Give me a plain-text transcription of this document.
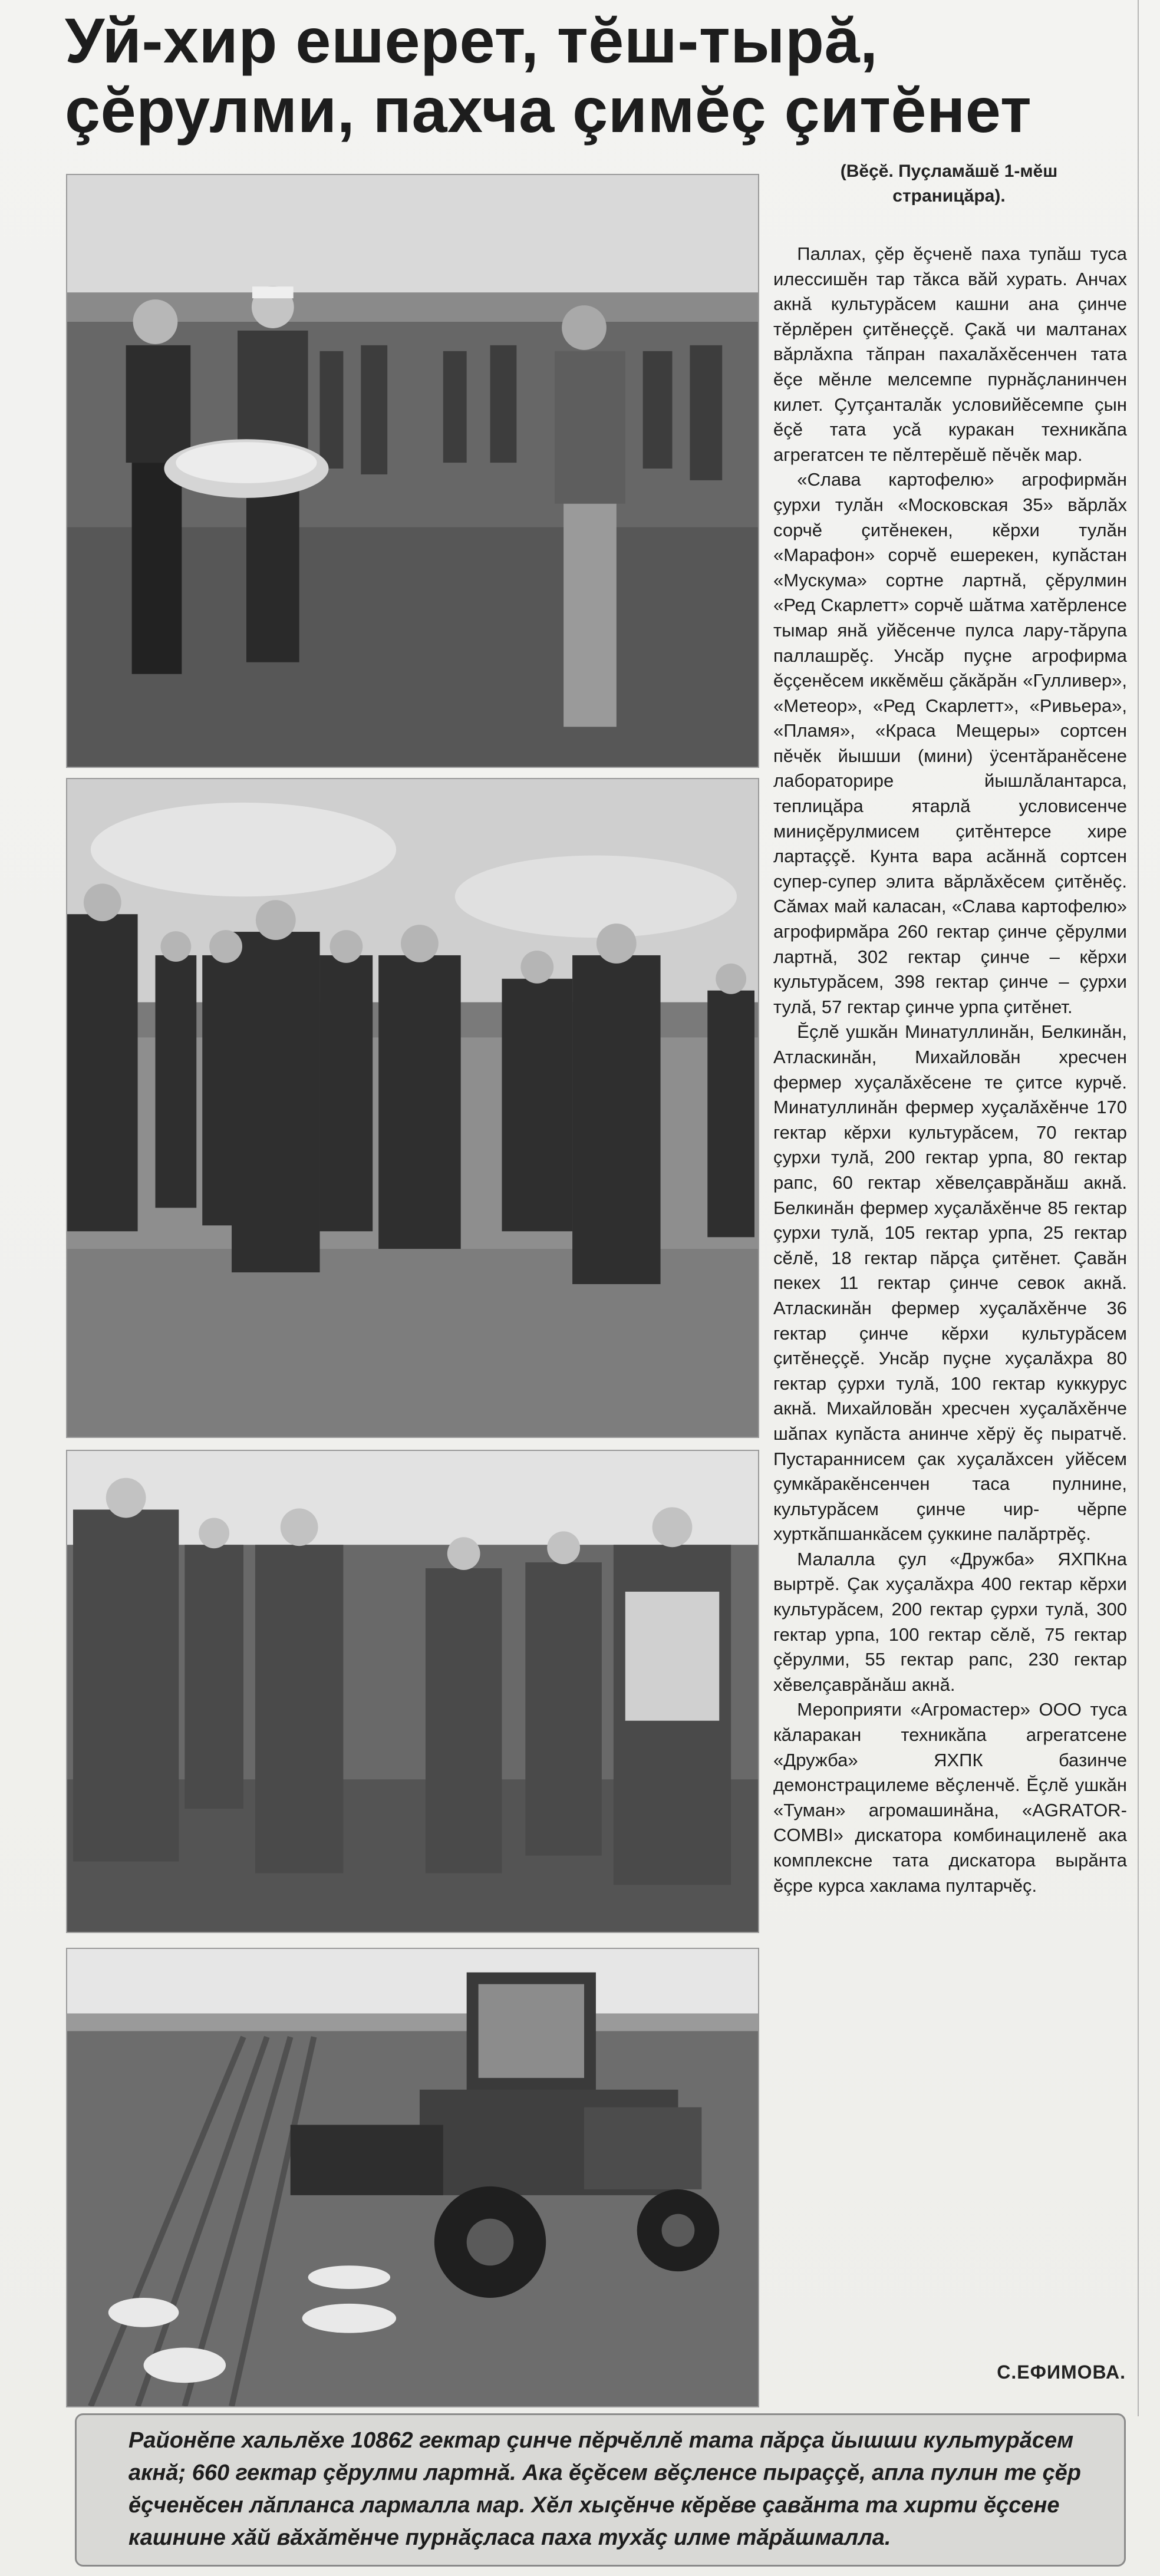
Уй-хир ешерет, тĕш-тырă,
çĕрулми, пахча çимĕç çитĕнет
(Вĕçĕ. Пуçламăшĕ 1-мĕш
страницăра).

Паллах, çĕр ĕçченĕ паха тупăш туса илессишĕн тар тăкса вăй хурать. Анчах акнă культурăсем кашни ана çинче тĕрлĕрен çитĕнеççĕ. Çакă чи малтанах вăрлăхпа тăпран пахалăхĕсенчен тата ĕçе мĕнле мелсемпе пурнăçланинчен килет. Çутçанталăк условийĕсемпе çын ĕçĕ тата усă куракан техникăпа агрегатсен те пĕлтерĕшĕ пĕчĕк мар.

«Слава картофелю» агрофирмăн çурхи тулăн «Московская 35» вăрлăх сорчĕ çитĕнекен, кĕрхи тулăн «Марафон» сорчĕ ешерекен, купăстан «Мускума» сортне лартнă, çĕрулмин «Ред Скарлетт» сорчĕ шăтма хатĕрленсе тымар янă уйĕсенче пулса лару-тăрупа паллашрĕç. Унсăр пуçне агрофирма ĕççенĕсем иккĕмĕш çăкăрăн «Гулливер», «Метеор», «Ред Скарлетт», «Ривьера», «Пламя», «Краса Мещеры» сортсен пĕчĕк йышши (мини) ÿсентăранĕсене лабораторире йышлăлантарса, теплицăра ятарлă условисенче миниçĕрулмисем çитĕнтерсе хире лартаççĕ. Кунта вара асăннă сортсен супер-супер элита вăрлăхĕсем çитĕнĕç. Сăмах май каласан, «Слава картофелю» агрофирмăра 260 гектар çинче çĕрулми лартнă, 302 гектар çинче – кĕрхи культурăсем, 398 гектар çинче – çурхи тулă, 57 гектар çинче урпа çитĕнет.

Ĕçлĕ ушкăн Минатуллинăн, Белкинăн, Атласкинăн, Михайловăн хресчен фермер хуçалăхĕсене те çитсе курчĕ. Минатуллинăн фермер хуçалăхĕнче 170 гектар кĕрхи культурăсем, 70 гектар çурхи тулă, 200 гектар урпа, 80 гектар рапс, 60 гектар хĕвелçаврăнăш акнă. Белкинăн фермер хуçалăхĕнче 85 гектар çурхи тулă, 105 гектар урпа, 25 гектар сĕлĕ, 18 гектар пăрçа çитĕнет. Çавăн пекех 11 гектар çинче севок акнă. Атласкинăн фермер хуçалăхĕнче 36 гектар çинче кĕрхи культурăсем çитĕнеççĕ. Унсăр пуçне хуçалăхра 80 гектар çурхи тулă, 100 гектар куккурус акнă. Михайловăн хресчен хуçалăхĕнче шăпах купăста анинче хĕрÿ ĕç пыратчĕ. Пустараннисем çак хуçалăхсен уйĕсем çумкăракĕнсенчен таса пулнине, культурăсем çинче чир- чĕрпе хурткăпшанкăсем çуккине палăртрĕç.

Малалла çул «Дружба» ЯХПКна выртрĕ. Çак хуçалăхра 400 гектар кĕрхи культурăсем, 200 гектар çурхи тулă, 300 гектар урпа, 100 гектар сĕлĕ, 75 гектар çĕрулми, 55 гектар рапс, 230 гектар хĕвелçаврăнăш акнă.

Мероприяти «Агромастер» ООО туса кăларакан техникăпа агрегатсене «Дружба» ЯХПК базинче демонстрацилеме вĕçленчĕ. Ĕçлĕ ушкăн «Туман» агромашинăна, «AGRATOR-COMBI» дискатора комбинациленĕ ака комплексне тата дискатора вырăнта ĕçре курса хаклама пултарчĕç.

С.ЕФИМОВА.

Районĕпе хальлĕхе 10862 гектар çинче пĕрчĕллĕ тата пăрçа йышши культурăсем акнă; 660 гектар çĕрулми лартнă. Ака ĕçĕсем вĕçленсе пыраççĕ, апла пулин те çĕр ĕçченĕсен лăпланса лармалла мар. Хĕл хыçĕнче кĕрĕве çавăнта та хирти ĕçсене кашнине хăй вăхăтĕнче пурнăçласа паха тухăç илме тăрăшмалла.
